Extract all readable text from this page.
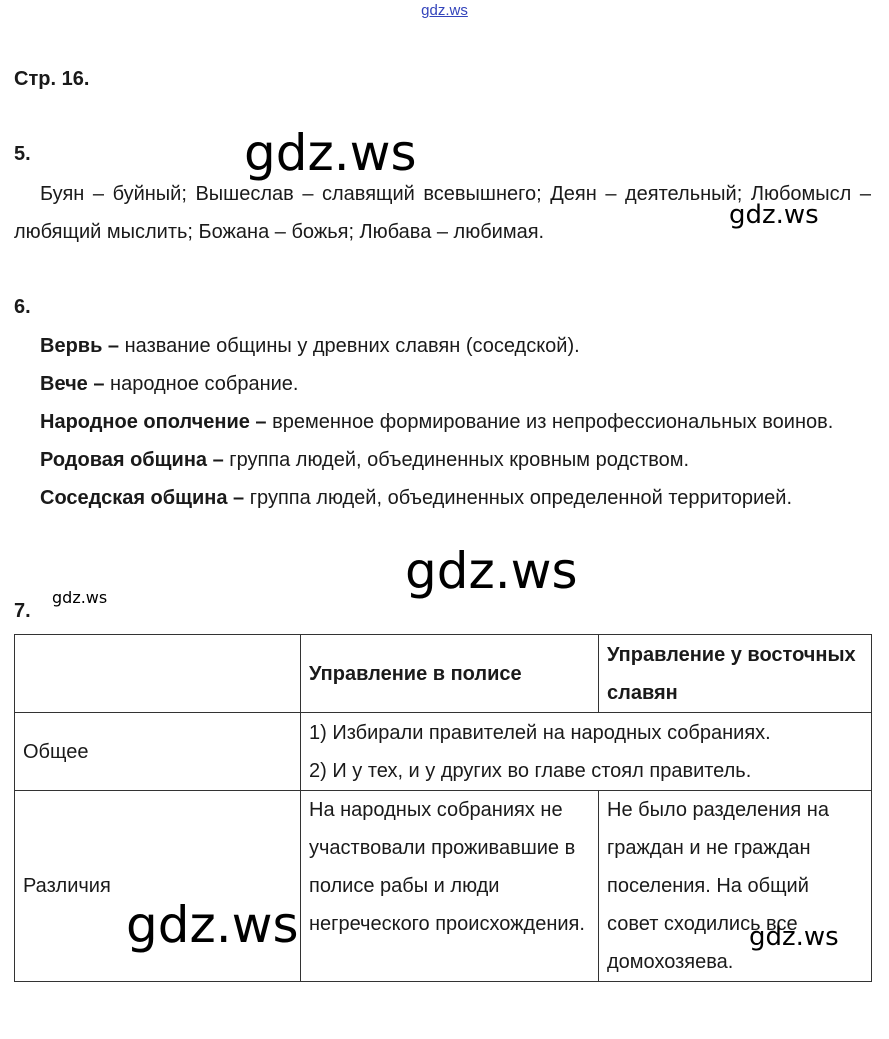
gdz.ws
Стр. 16.
5.

Буян – буйный; Вышеслав – славящий всевышнего; Деян – деятельный; Любомысл – любящий мыслить; Божана – божья; Любава – любимая.

6.

Вервь – название общины у древних славян (соседской).

Вече – народное собрание.

Народное ополчение – временное формирование из непрофессиональных воинов.

Родовая община – группа людей, объединенных кровным родством.

Соседская община – группа людей, объединенных определенной территорией.

7.
	Управление в полисе	Управление у восточных славян
Общее	1) Избирали правителей на народных собраниях.
2) И у тех, и у других во главе стоял правитель.	

Различия	На народных собраниях не участвовали проживавшие в полисе рабы и люди негреческого происхождения.	Не было разделения на граждан и не граждан поселения. На общий совет сходились все домохозяева.
gdz.ws
gdz.ws
gdz.ws
gdz.ws
gdz.ws	gdz.ws
